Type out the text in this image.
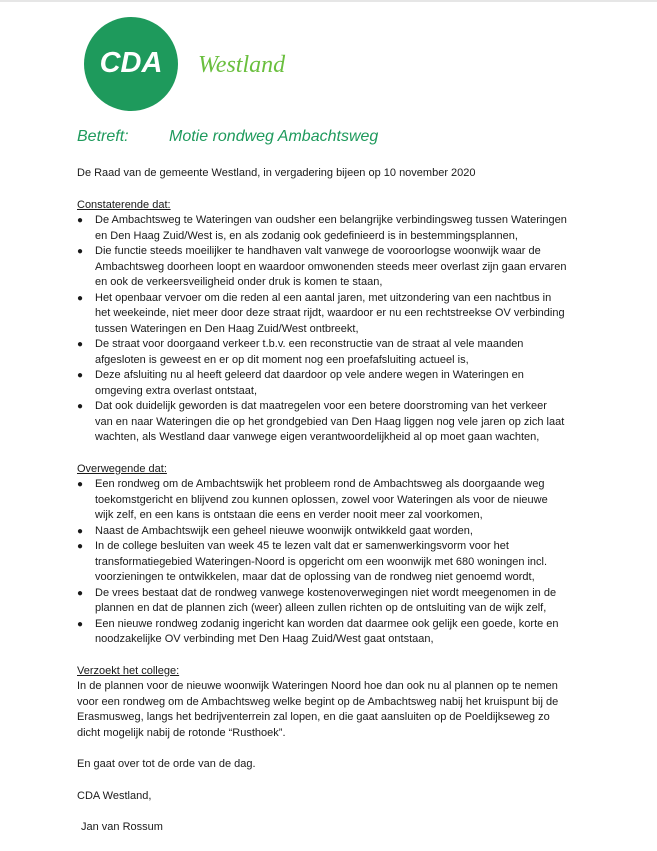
CDA	Westland
Betreft:	Motie rondweg Ambachtsweg

De Raad van de gemeente Westland, in vergadering bijeen op 10 november 2020

Constaterende dat:

●	De Ambachtsweg te Wateringen van oudsher een belangrijke verbindingsweg tussen Wateringen
en Den Haag Zuid/West is, en als zodanig ook gedefinieerd is in bestemmingsplannen,
●	Die functie steeds moeilijker te handhaven valt vanwege de vooroorlogse woonwijk waar de
Ambachtsweg doorheen loopt en waardoor omwonenden steeds meer overlast zijn gaan ervaren
en ook de verkeersveiligheid onder druk is komen te staan,
●	Het openbaar vervoer om die reden al een aantal jaren, met uitzondering van een nachtbus in
het weekeinde, niet meer door deze straat rijdt, waardoor er nu een rechtstreekse OV verbinding
tussen Wateringen en Den Haag Zuid/West ontbreekt,
●	De straat voor doorgaand verkeer t.b.v. een reconstructie van de straat al vele maanden
afgesloten is geweest en er op dit moment nog een proefafsluiting actueel is,
●	Deze afsluiting nu al heeft geleerd dat daardoor op vele andere wegen in Wateringen en
omgeving extra overlast ontstaat,
●	Dat ook duidelijk geworden is dat maatregelen voor een betere doorstroming van het verkeer
van en naar Wateringen die op het grondgebied van Den Haag liggen nog vele jaren op zich laat
wachten, als Westland daar vanwege eigen verantwoordelijkheid al op moet gaan wachten,

Overwegende dat:

●	Een rondweg om de Ambachtswijk het probleem rond de Ambachtsweg als doorgaande weg
toekomstgericht en blijvend zou kunnen oplossen, zowel voor Wateringen als voor de nieuwe
wijk zelf, en een kans is ontstaan die eens en verder nooit meer zal voorkomen,
●	Naast de Ambachtswijk een geheel nieuwe woonwijk ontwikkeld gaat worden,
●	In de college besluiten van week 45 te lezen valt dat er samenwerkingsvorm voor het
transformatiegebied Wateringen-Noord is opgericht om een woonwijk met 680 woningen incl.
voorzieningen te ontwikkelen, maar dat de oplossing van de rondweg niet genoemd wordt,
●	De vrees bestaat dat de rondweg vanwege kostenoverwegingen niet wordt meegenomen in de
plannen en dat de plannen zich (weer) alleen zullen richten op de ontsluiting van de wijk zelf,
●	Een nieuwe rondweg zodanig ingericht kan worden dat daarmee ook gelijk een goede, korte en
noodzakelijke OV verbinding met Den Haag Zuid/West gaat ontstaan,

Verzoekt het college:

In de plannen voor de nieuwe woonwijk Wateringen Noord hoe dan ook nu al plannen op te nemen

voor een rondweg om de Ambachtsweg welke begint op de Ambachtsweg nabij het kruispunt bij de

Erasmusweg, langs het bedrijventerrein zal lopen, en die gaat aansluiten op de Poeldijkseweg zo

dicht mogelijk nabij de rotonde “Rusthoek”.

En gaat over tot de orde van de dag.

CDA Westland,

Jan van Rossum
